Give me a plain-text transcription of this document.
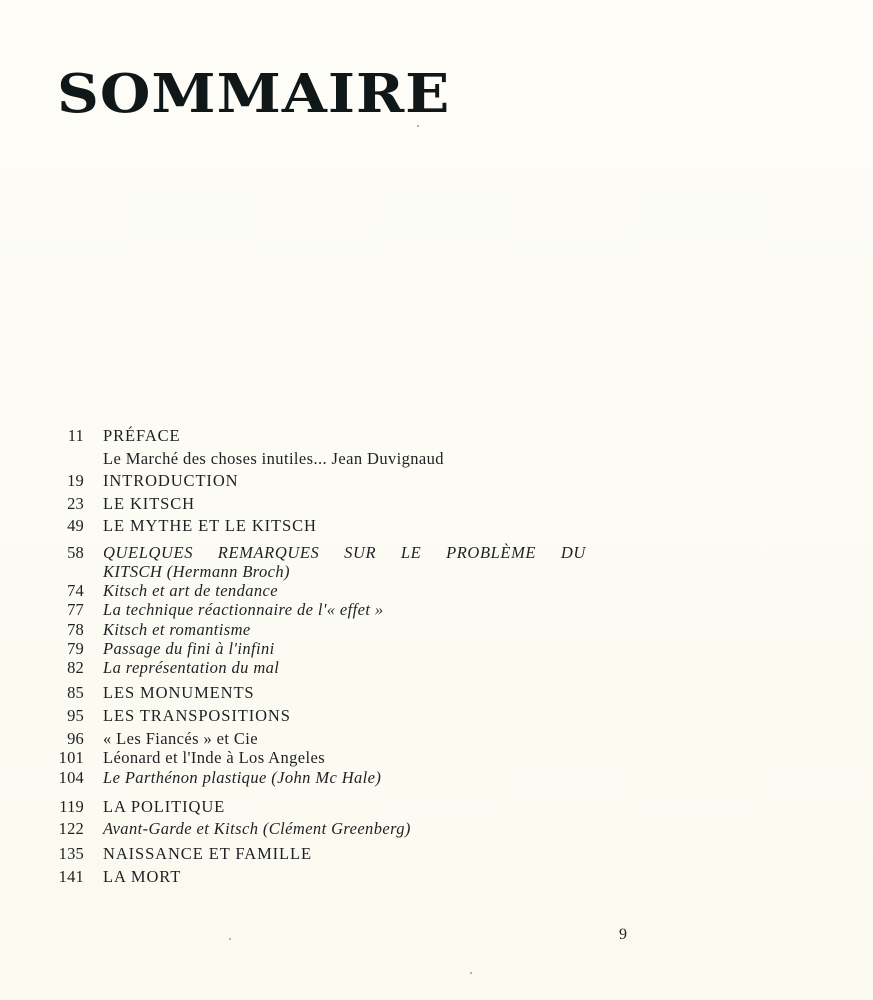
SOMMAIRE
11 PRÉFACE
Le Marché des choses inutiles... Jean Duvignaud
19 INTRODUCTION
23 LE KITSCH
49 LE MYTHE ET LE KITSCH
58 QUELQUES REMARQUES SUR LE PROBLÈME DU
KITSCH (Hermann Broch)
74 Kitsch et art de tendance
77 La technique réactionnaire de l'« effet »
78 Kitsch et romantisme
79 Passage du fini à l'infini
82 La représentation du mal
85 LES MONUMENTS
95 LES TRANSPOSITIONS
96 « Les Fiancés » et Cie
101 Léonard et l'Inde à Los Angeles
104 Le Parthénon plastique (John Mc Hale)
119 LA POLITIQUE
122 Avant-Garde et Kitsch (Clément Greenberg)
135 NAISSANCE ET FAMILLE
141 LA MORT
9
